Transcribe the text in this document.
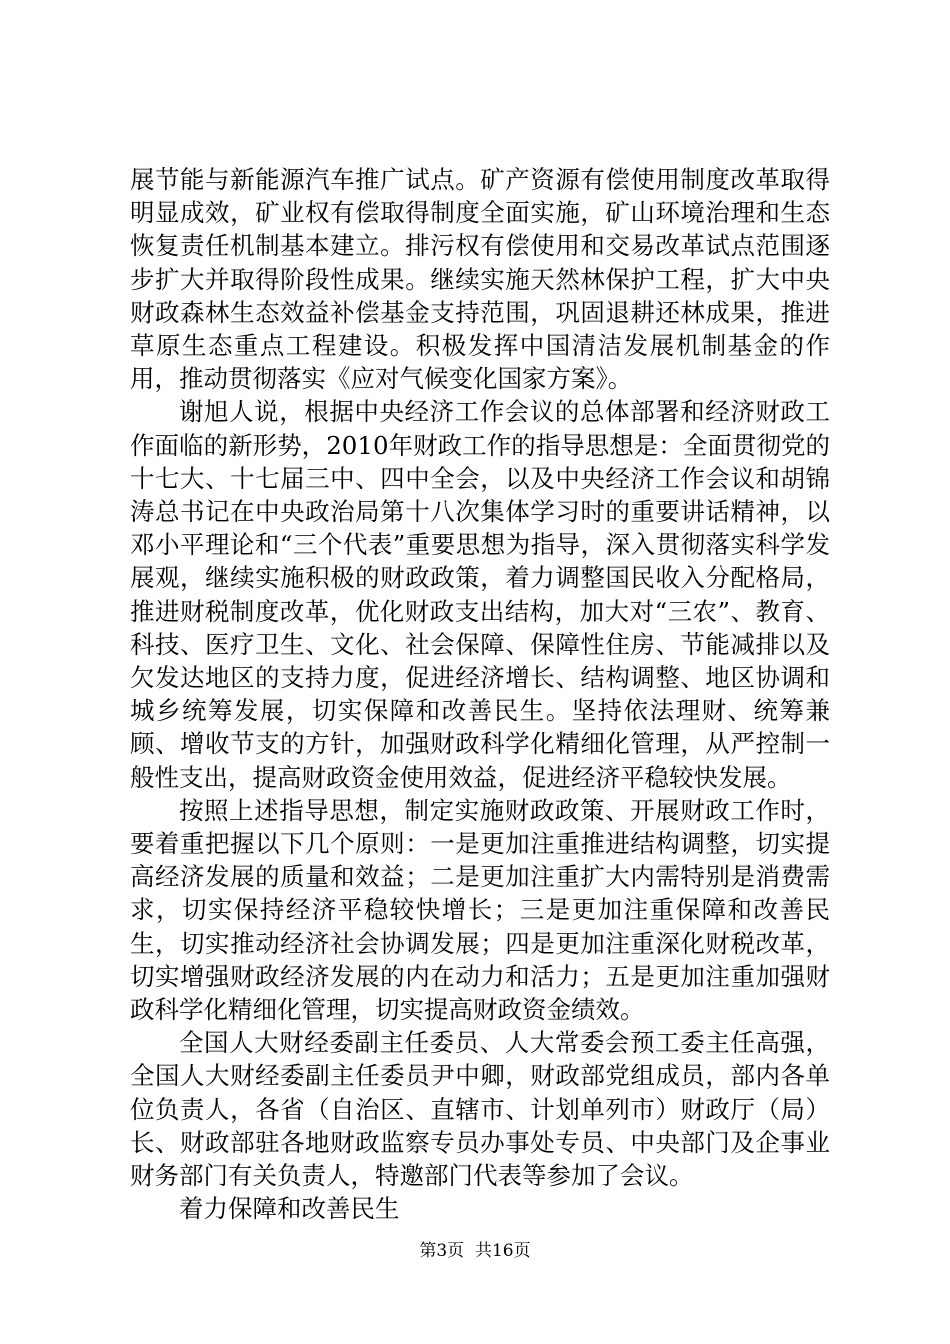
展节能与新能源汽车推广试点。矿产资源有偿使用制度改革取得明显成效，矿业权有偿取得制度全面实施，矿山环境治理和生态恢复责任机制基本建立。排污权有偿使用和交易改革试点范围逐步扩大并取得阶段性成果。继续实施天然林保护工程，扩大中央财政森林生态效益补偿基金支持范围，巩固退耕还林成果，推进草原生态重点工程建设。积极发挥中国清洁发展机制基金的作用，推动贯彻落实《应对气候变化国家方案》。

谢旭人说，根据中央经济工作会议的总体部署和经济财政工作面临的新形势，2010年财政工作的指导思想是：全面贯彻党的十七大、十七届三中、四中全会，以及中央经济工作会议和胡锦涛总书记在中央政治局第十八次集体学习时的重要讲话精神，以邓小平理论和“三个代表”重要思想为指导，深入贯彻落实科学发展观，继续实施积极的财政政策，着力调整国民收入分配格局，推进财税制度改革，优化财政支出结构，加大对“三农”、教育、科技、医疗卫生、文化、社会保障、保障性住房、节能减排以及欠发达地区的支持力度，促进经济增长、结构调整、地区协调和城乡统筹发展，切实保障和改善民生。坚持依法理财、统筹兼顾、增收节支的方针，加强财政科学化精细化管理，从严控制一般性支出，提高财政资金使用效益，促进经济平稳较快发展。

按照上述指导思想，制定实施财政政策、开展财政工作时，要着重把握以下几个原则：一是更加注重推进结构调整，切实提高经济发展的质量和效益；二是更加注重扩大内需特别是消费需求，切实保持经济平稳较快增长；三是更加注重保障和改善民生，切实推动经济社会协调发展；四是更加注重深化财税改革，切实增强财政经济发展的内在动力和活力；五是更加注重加强财政科学化精细化管理，切实提高财政资金绩效。

全国人大财经委副主任委员、人大常委会预工委主任高强，全国人大财经委副主任委员尹中卿，财政部党组成员，部内各单位负责人，各省（自治区、直辖市、计划单列市）财政厅（局）长、财政部驻各地财政监察专员办事处专员、中央部门及企事业财务部门有关负责人，特邀部门代表等参加了会议。

着力保障和改善民生

第3页  共16页
